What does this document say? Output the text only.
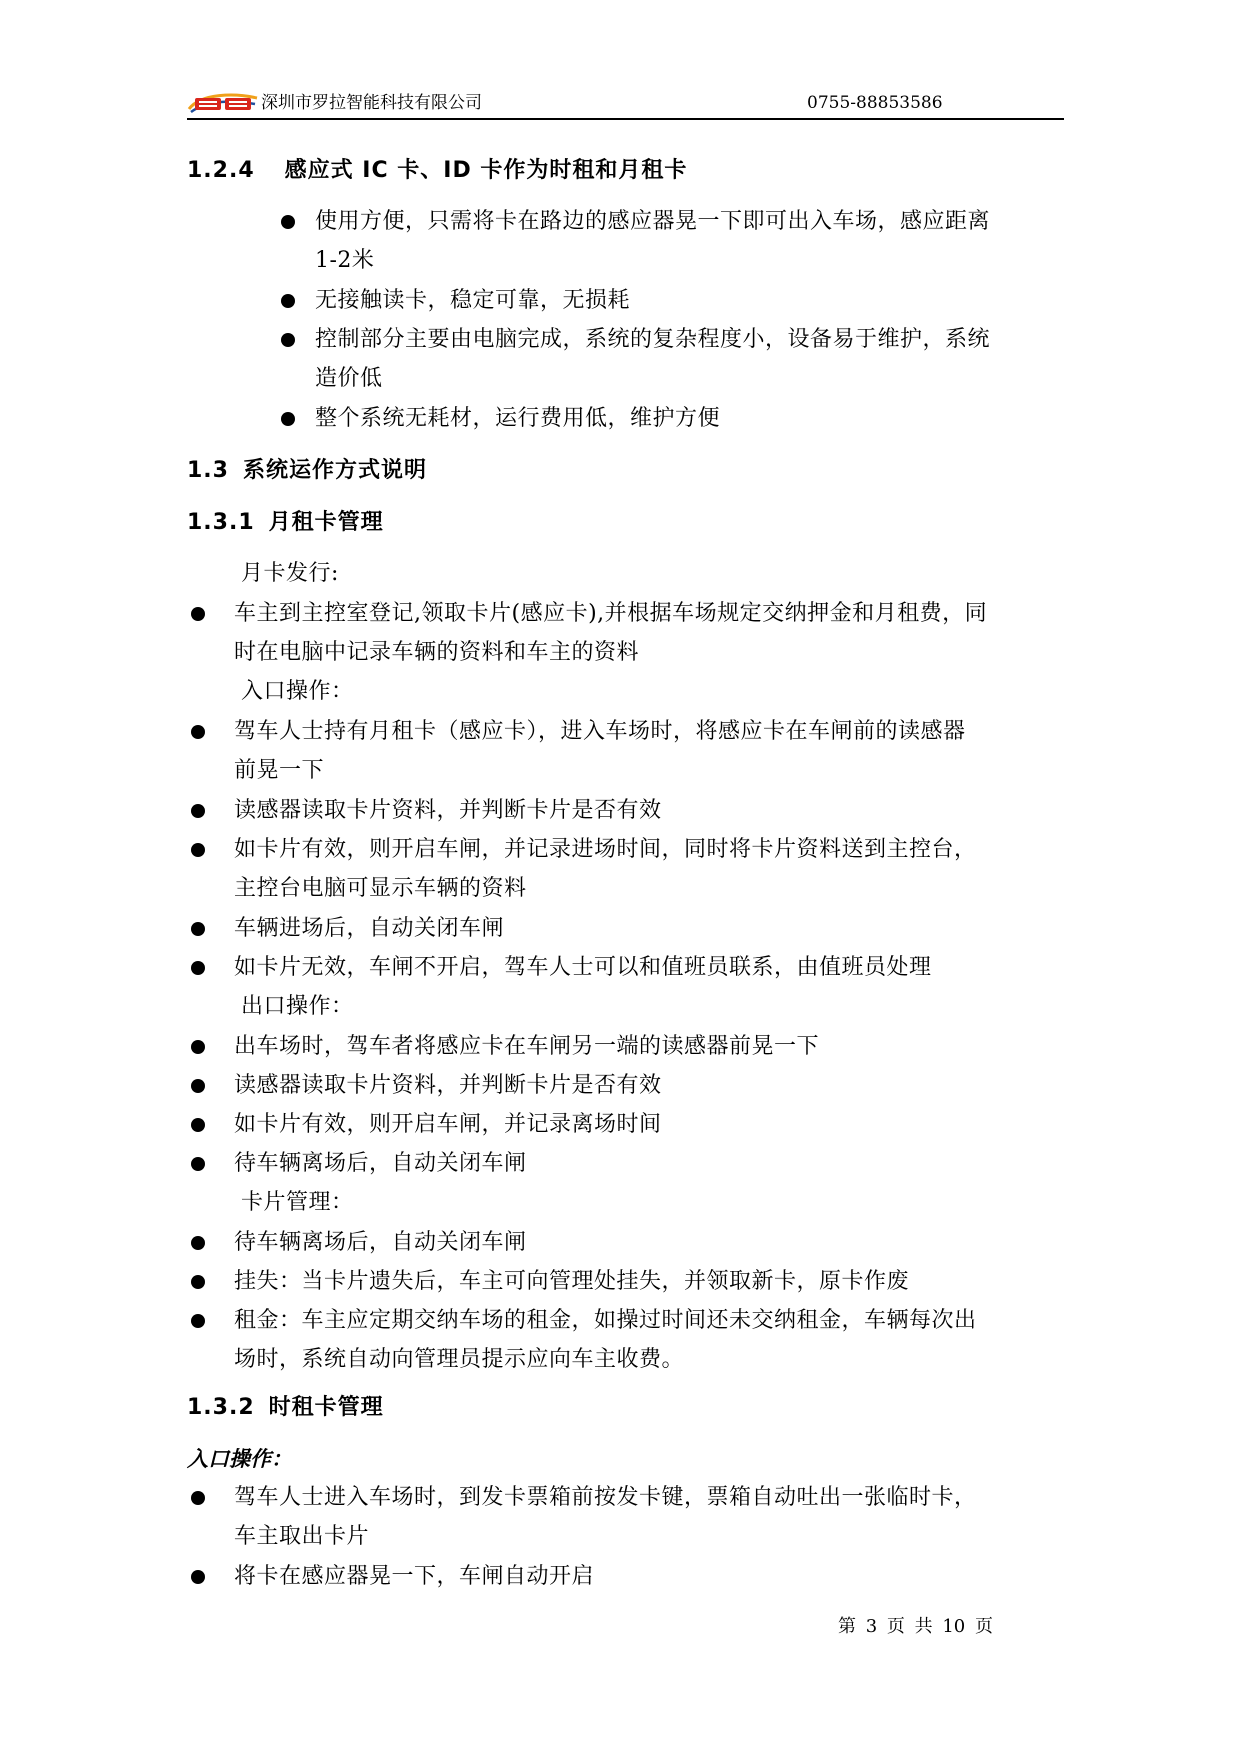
深圳市罗拉智能科技有限公司	0755-88853586
1.2.4 感应式 IC 卡、ID 卡作为时租和月租卡
使用方便，只需将卡在路边的感应器晃一下即可出入车场，感应距离
1-2米
无接触读卡，稳定可靠，无损耗
控制部分主要由电脑完成，系统的复杂程度小，设备易于维护，系统
造价低
整个系统无耗材，运行费用低，维护方便
1.3 系统运作方式说明
1.3.1 月租卡管理
月卡发行:
车主到主控室登记,领取卡片(感应卡),并根据车场规定交纳押金和月租费，同
时在电脑中记录车辆的资料和车主的资料
入口操作：
驾车人士持有月租卡（感应卡），进入车场时，将感应卡在车闸前的读感器
前晃一下
读感器读取卡片资料，并判断卡片是否有效
如卡片有效，则开启车闸，并记录进场时间，同时将卡片资料送到主控台，
主控台电脑可显示车辆的资料
车辆进场后，自动关闭车闸
如卡片无效，车闸不开启，驾车人士可以和值班员联系，由值班员处理
出口操作：
出车场时，驾车者将感应卡在车闸另一端的读感器前晃一下
读感器读取卡片资料，并判断卡片是否有效
如卡片有效，则开启车闸，并记录离场时间
待车辆离场后，自动关闭车闸
卡片管理：
待车辆离场后，自动关闭车闸
挂失：当卡片遗失后，车主可向管理处挂失，并领取新卡，原卡作废
租金：车主应定期交纳车场的租金，如操过时间还未交纳租金，车辆每次出
场时，系统自动向管理员提示应向车主收费。
1.3.2 时租卡管理
入口操作：
驾车人士进入车场时，到发卡票箱前按发卡键，票箱自动吐出一张临时卡，
车主取出卡片
将卡在感应器晃一下，车闸自动开启
第 3 页 共 10 页
